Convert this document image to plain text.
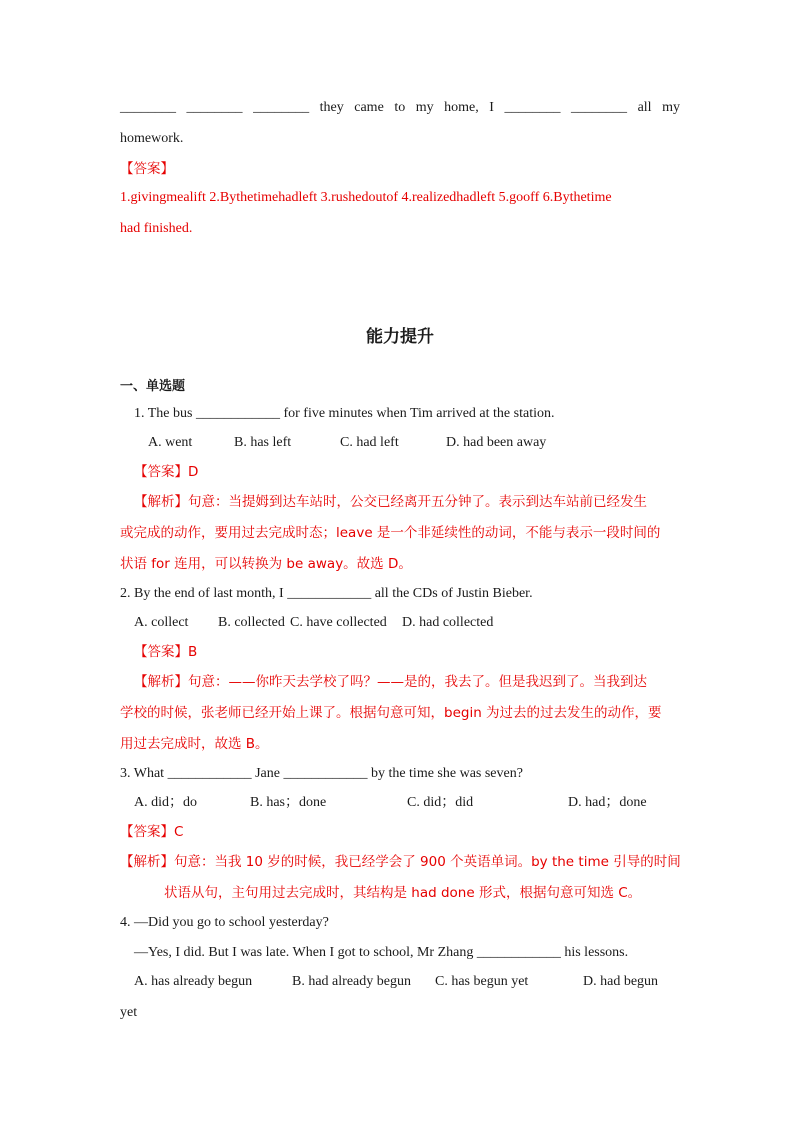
________ ________ ________ they came to my home, I ________ ________ all my
homework.
【答案】
1.givingmealift 2.Bythetimehadleft 3.rushedoutof 4.realizedhadleft 5.gooff 6.Bythetime
had finished.
能力提升
一、单选题
1. The bus ____________ for five minutes when Tim arrived at the station.
A. went	B. has left	C. had left	D. had been away
【答案】D
【解析】句意：当提姆到达车站时，公交已经离开五分钟了。表示到达车站前已经发生
或完成的动作，要用过去完成时态；leave 是一个非延续性的动词，不能与表示一段时间的
状语 for 连用，可以转换为 be away。故选 D。
2. By the end of last month, I ____________ all the CDs of Justin Bieber.
A. collect B. collected C. have collected D. had collected
【答案】B
【解析】句意：——你昨天去学校了吗？——是的，我去了。但是我迟到了。当我到达
学校的时候，张老师已经开始上课了。根据句意可知，begin 为过去的过去发生的动作，要
用过去完成时，故选 B。
3. What ____________ Jane ____________ by the time she was seven?
A. did；do	B. has；done	C. did；did	D. had；done
【答案】C
【解析】句意：当我 10 岁的时候，我已经学会了 900 个英语单词。by the time 引导的时间
状语从句，主句用过去完成时，其结构是 had done 形式，根据句意可知选 C。
4. —Did you go to school yesterday?
—Yes, I did. But I was late. When I got to school, Mr Zhang ____________ his lessons.
A. has already begun	B. had already begun C. has begun yet	D. had begun
yet
